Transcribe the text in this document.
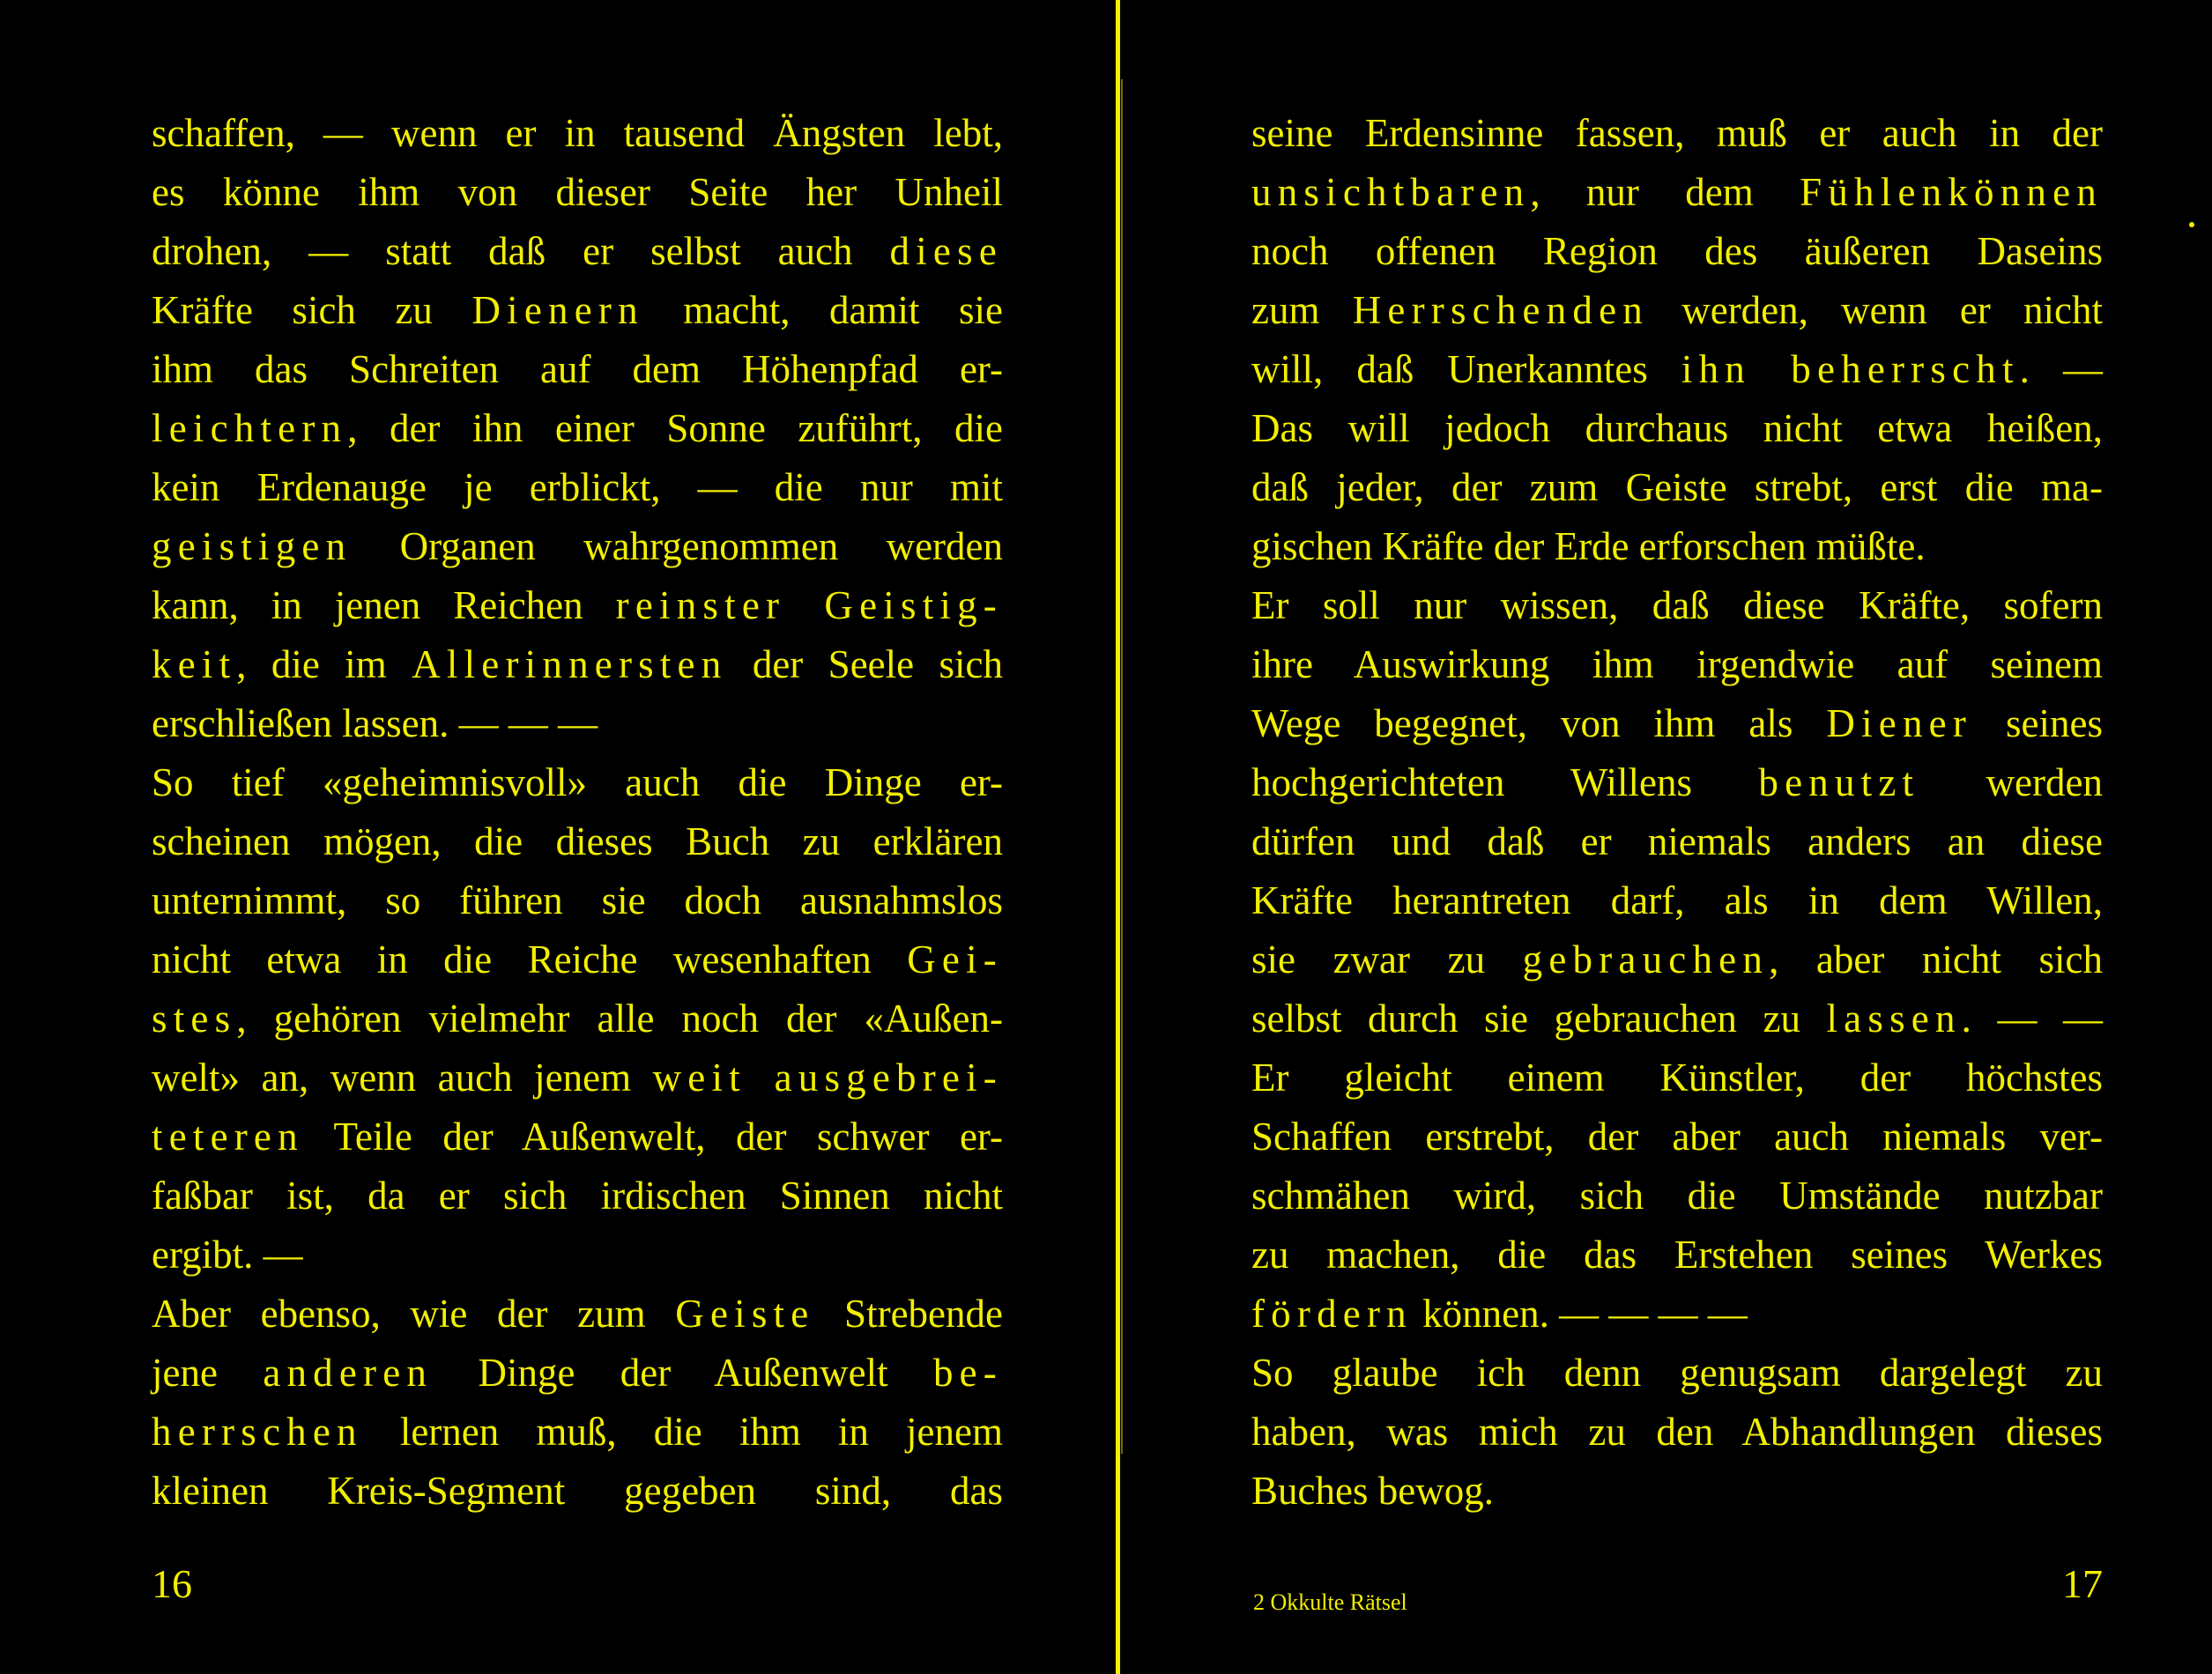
schaffen, — wenn er in tausend Ängsten lebt,
es könne ihm von dieser Seite her Unheil
drohen, — statt daß er selbst auch diese
Kräfte sich zu Dienern macht, damit sie
ihm das Schreiten auf dem Höhenpfad er-
leichtern, der ihn einer Sonne zuführt, die
kein Erdenauge je erblickt, — die nur mit
geistigen Organen wahrgenommen werden
kann, in jenen Reichen reinster Geistig-
keit, die im Allerinnersten der Seele sich
erschließen lassen. — — —
So tief «geheimnisvoll» auch die Dinge er-
scheinen mögen, die dieses Buch zu erklären
unternimmt, so führen sie doch ausnahmslos
nicht etwa in die Reiche wesenhaften Gei-
stes, gehören vielmehr alle noch der «Außen-
welt» an, wenn auch jenem weit ausgebrei-
teteren Teile der Außenwelt, der schwer er-
faßbar ist, da er sich irdischen Sinnen nicht
ergibt. —
Aber ebenso, wie der zum Geiste Strebende
jene anderen Dinge der Außenwelt be-
herrschen lernen muß, die ihm in jenem
kleinen Kreis-Segment gegeben sind, das
16
seine Erdensinne fassen, muß er auch in der
unsichtbaren, nur dem Fühlenkönnen
noch offenen Region des äußeren Daseins
zum Herrschenden werden, wenn er nicht
will, daß Unerkanntes ihn beherrscht. —
Das will jedoch durchaus nicht etwa heißen,
daß jeder, der zum Geiste strebt, erst die ma-
gischen Kräfte der Erde erforschen müßte.
Er soll nur wissen, daß diese Kräfte, sofern
ihre Auswirkung ihm irgendwie auf seinem
Wege begegnet, von ihm als Diener seines
hochgerichteten Willens benutzt werden
dürfen und daß er niemals anders an diese
Kräfte herantreten darf, als in dem Willen,
sie zwar zu gebrauchen, aber nicht sich
selbst durch sie gebrauchen zu lassen. — —
Er gleicht einem Künstler, der höchstes
Schaffen erstrebt, der aber auch niemals ver-
schmähen wird, sich die Umstände nutzbar
zu machen, die das Erstehen seines Werkes
fördern können. — — — —
So glaube ich denn genugsam dargelegt zu
haben, was mich zu den Abhandlungen dieses
Buches bewog.
2 Okkulte Rätsel	17
